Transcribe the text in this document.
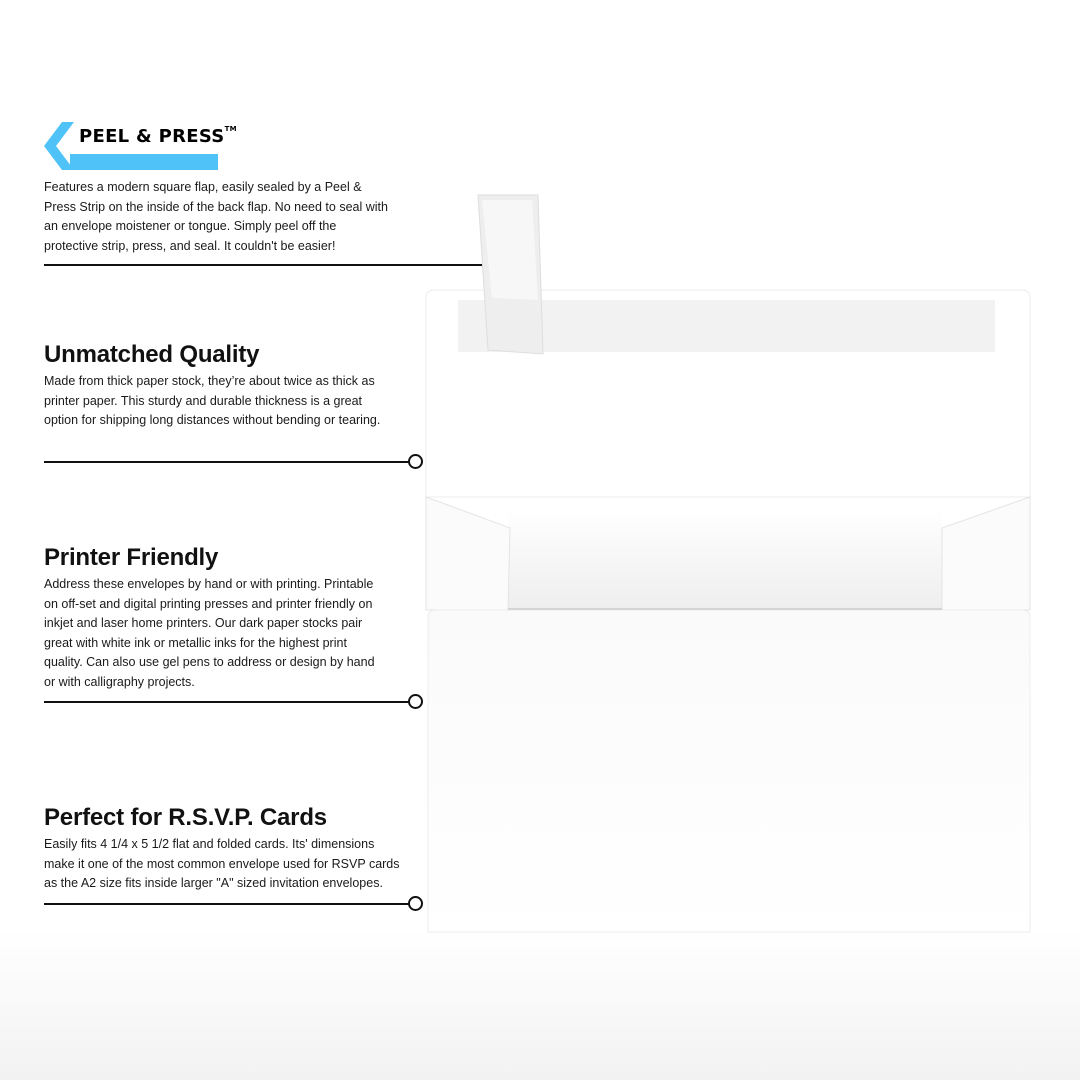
PEEL & PRESS™

Features a modern square flap, easily sealed by a Peel & Press Strip on the inside of the back flap. No need to seal with an envelope moistener or tongue. Simply peel off the protective strip, press, and seal. It couldn't be easier!

Unmatched Quality

Made from thick paper stock, they’re about twice as thick as printer paper. This sturdy and durable thickness is a great option for shipping long distances without bending or tearing.

Printer Friendly

Address these envelopes by hand or with printing. Printable on off-set and digital printing presses and printer friendly on inkjet and laser home printers. Our dark paper stocks pair great with white ink or metallic inks for the highest print quality. Can also use gel pens to address or design by hand or with calligraphy projects.

Perfect for R.S.V.P. Cards

Easily fits 4 1/4 x 5 1/2 flat and folded cards. Its' dimensions make it one of the most common envelope used for RSVP cards as the A2 size fits inside larger "A" sized invitation envelopes.
